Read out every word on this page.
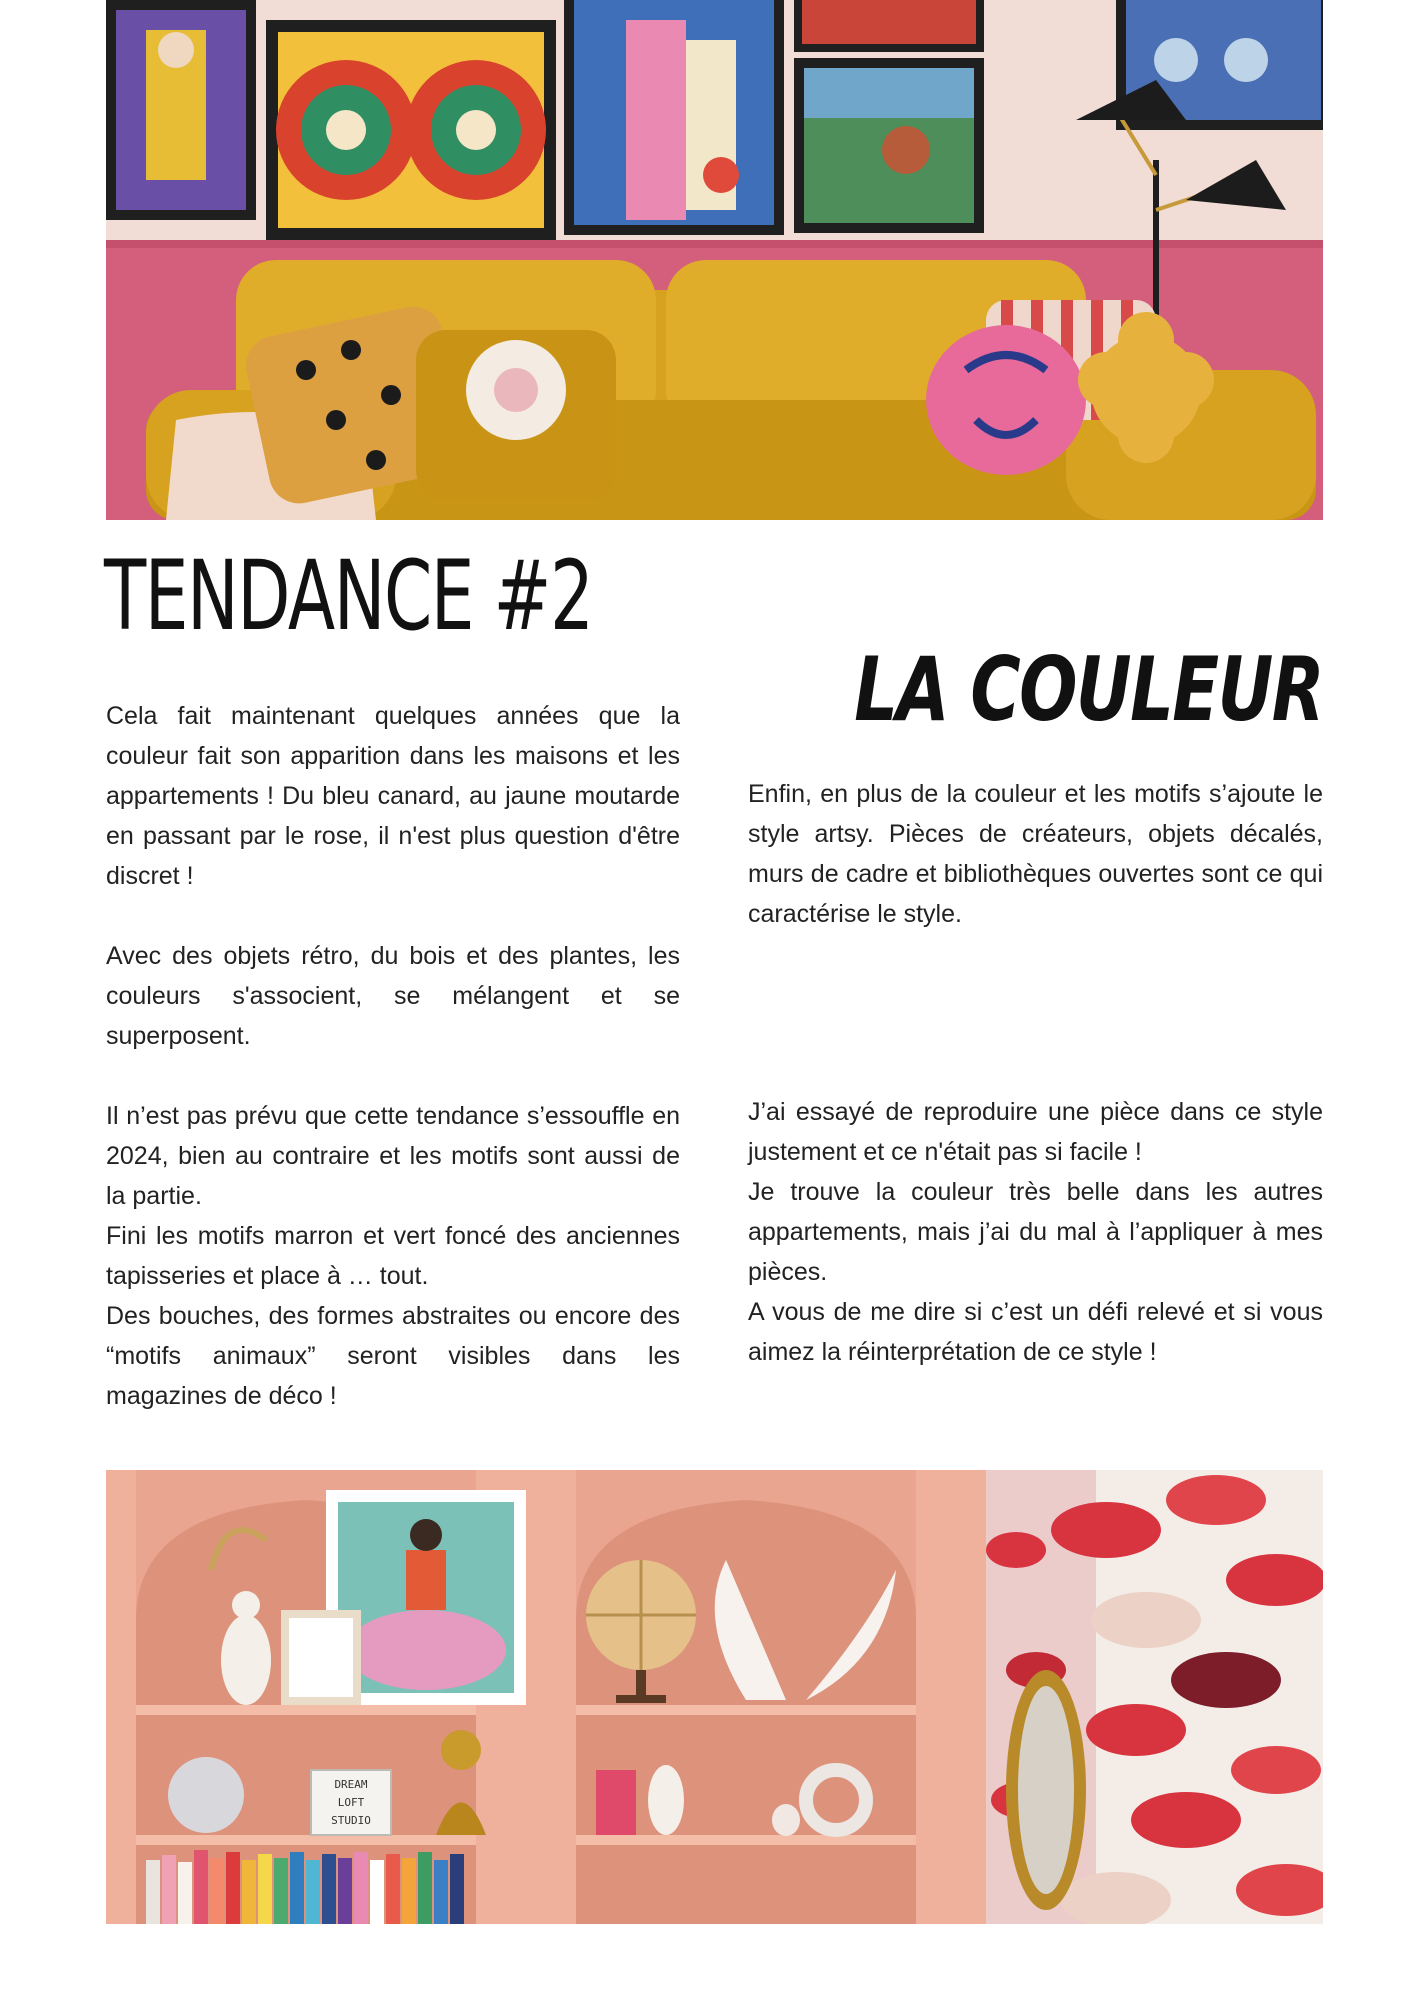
TENDANCE #2
LA COULEUR

Cela fait maintenant quelques années que la couleur fait son apparition dans les maisons et les appartements ! Du bleu canard, au jaune moutarde en passant par le rose, il n'est plus question d'être discret !

Avec des objets rétro, du bois et des plantes, les couleurs s'associent, se mélangent et se superposent.

Il n’est pas prévu que cette tendance s’essouffle en 2024, bien au contraire et les motifs sont aussi de la partie.

Fini les motifs marron et vert foncé des anciennes tapisseries et place à … tout.

Des bouches, des formes abstraites ou encore des “motifs animaux” seront visibles dans les magazines de déco !

Enfin, en plus de la couleur et les motifs s’ajoute le style artsy. Pièces de créateurs, objets décalés, murs de cadre et bibliothèques ouvertes sont ce qui caractérise le style.

J’ai essayé de reproduire une pièce dans ce style justement et ce n'était pas si facile !

Je trouve la couleur très belle dans les autres appartements, mais j’ai du mal à l’appliquer à mes pièces.

A vous de me dire si c’est un défi relevé et si vous aimez la réinterprétation de ce style !

DREAM
LOFT
STUDIO
